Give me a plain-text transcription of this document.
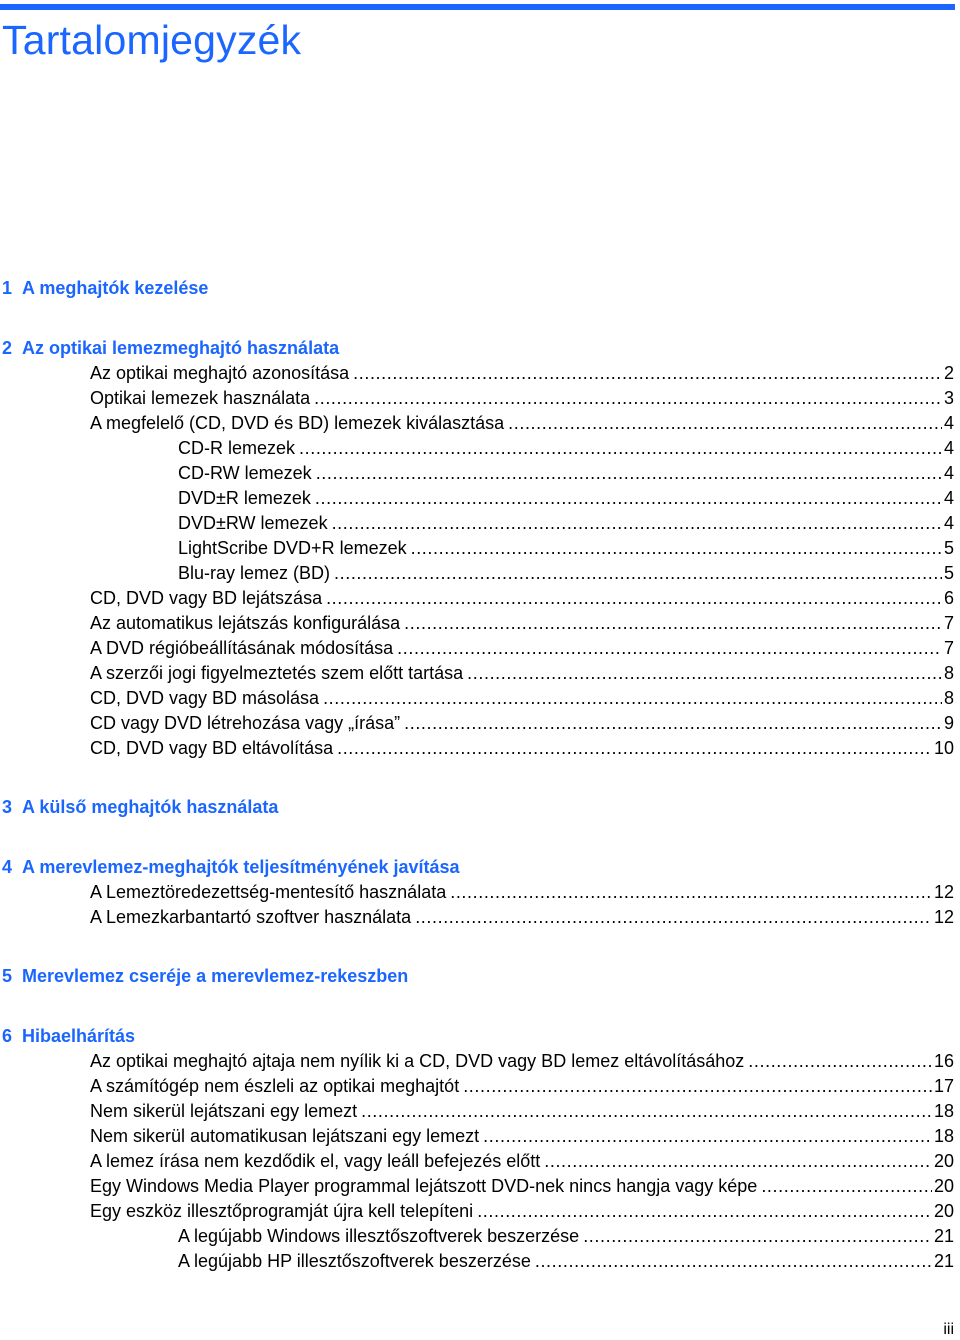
Tartalomjegyzék
1 A meghajtók kezelése
2 Az optikai lemezmeghajtó használata
Az optikai meghajtó azonosítása .....	2
Optikai lemezek használata .....	3
A megfelelő (CD, DVD és BD) lemezek kiválasztása .....	4
CD-R lemezek .....	4
CD-RW lemezek .....	4
DVD±R lemezek .....	4
DVD±RW lemezek .....	4
LightScribe DVD+R lemezek .....	5
Blu-ray lemez (BD) .....	5
CD, DVD vagy BD lejátszása .....	6
Az automatikus lejátszás konfigurálása .....	7
A DVD régióbeállításának módosítása .....	7
A szerzői jogi figyelmeztetés szem előtt tartása .....	8
CD, DVD vagy BD másolása .....	8
CD vagy DVD létrehozása vagy „írása” .....	9
CD, DVD vagy BD eltávolítása .....	10
3 A külső meghajtók használata
4 A merevlemez-meghajtók teljesítményének javítása
A Lemeztöredezettség-mentesítő használata .....	12
A Lemezkarbantartó szoftver használata .....	12
5 Merevlemez cseréje a merevlemez-rekeszben
6 Hibaelhárítás
Az optikai meghajtó ajtaja nem nyílik ki a CD, DVD vagy BD lemez eltávolításához .....	16
A számítógép nem észleli az optikai meghajtót .....	17
Nem sikerül lejátszani egy lemezt .....	18
Nem sikerül automatikusan lejátszani egy lemezt .....	18
A lemez írása nem kezdődik el, vagy leáll befejezés előtt .....	20
Egy Windows Media Player programmal lejátszott DVD-nek nincs hangja vagy képe .....	20
Egy eszköz illesztőprogramját újra kell telepíteni .....	20
A legújabb Windows illesztőszoftverek beszerzése .....	21
A legújabb HP illesztőszoftverek beszerzése .....	21
iii
